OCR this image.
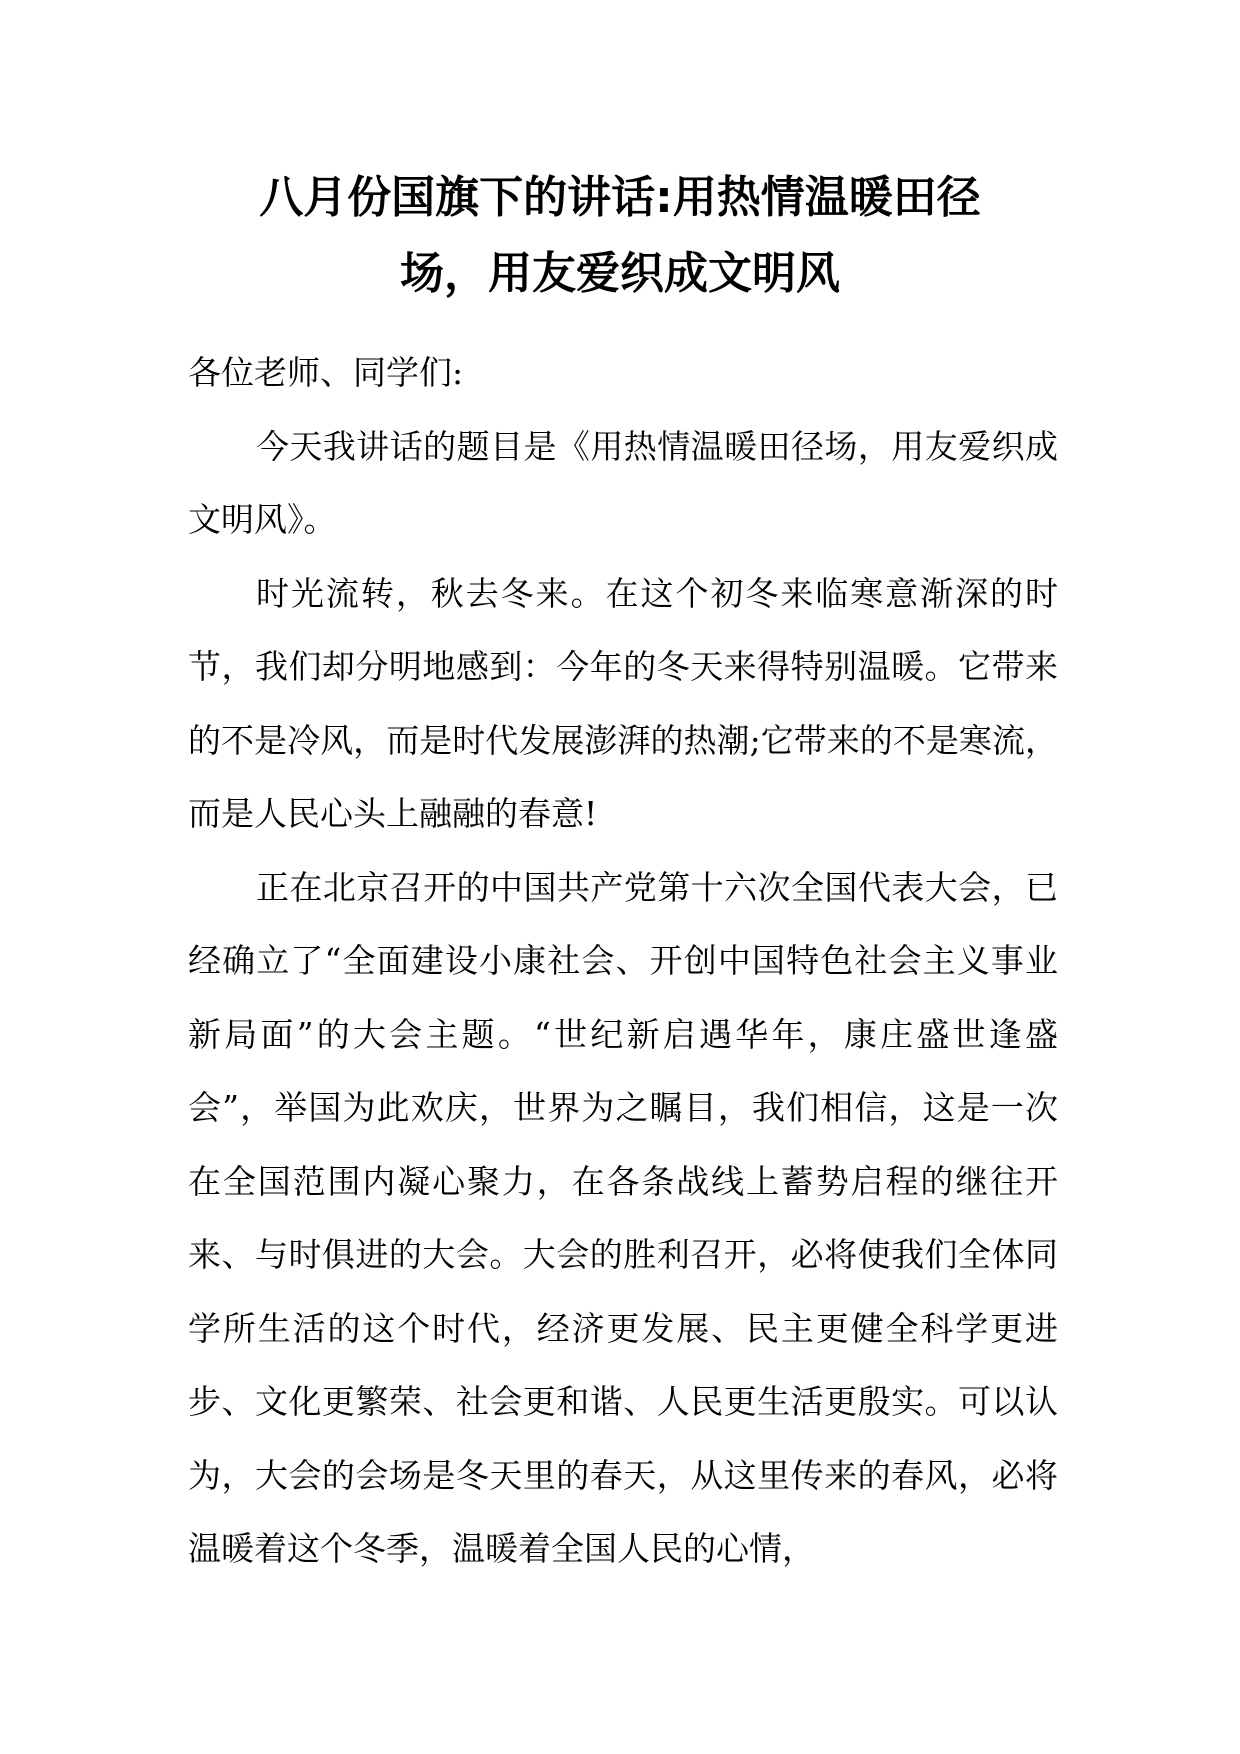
八月份国旗下的讲话:用热情温暖田径
场，用友爱织成文明风

各位老师、同学们:

今天我讲话的题目是《用热情温暖田径场，用友爱织成文明风》。

时光流转，秋去冬来。在这个初冬来临寒意渐深的时节，我们却分明地感到：今年的冬天来得特别温暖。它带来的不是冷风，而是时代发展澎湃的热潮;它带来的不是寒流，而是人民心头上融融的春意!

正在北京召开的中国共产党第十六次全国代表大会，已经确立了“全面建设小康社会、开创中国特色社会主义事业新局面”的大会主题。“世纪新启遇华年，康庄盛世逢盛会”，举国为此欢庆，世界为之瞩目，我们相信，这是一次在全国范围内凝心聚力，在各条战线上蓄势启程的继往开来、与时俱进的大会。大会的胜利召开，必将使我们全体同学所生活的这个时代，经济更发展、民主更健全科学更进步、文化更繁荣、社会更和谐、人民更生活更殷实。可以认为，大会的会场是冬天里的春天，从这里传来的春风，必将温暖着这个冬季，温暖着全国人民的心情，
